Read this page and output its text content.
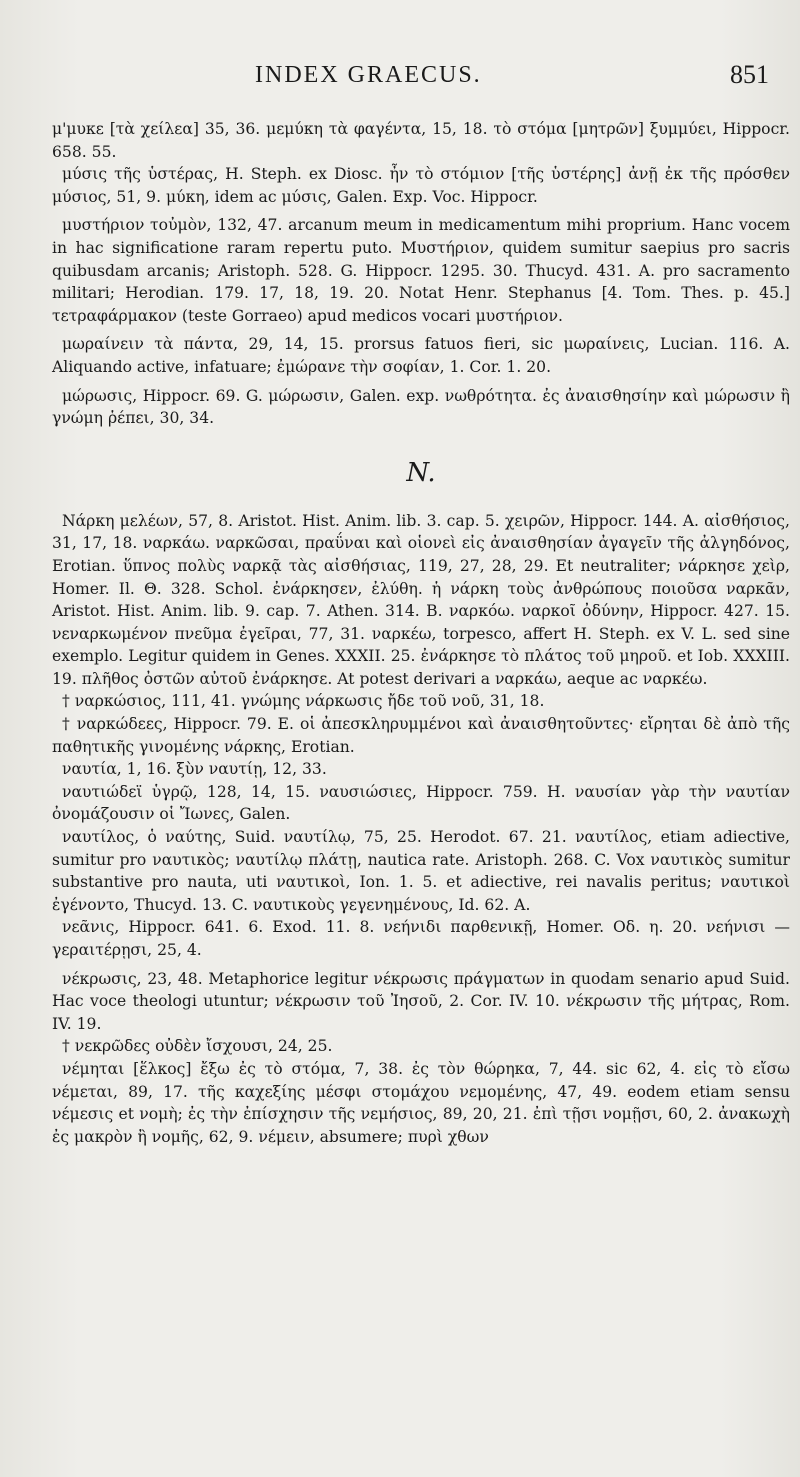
INDEX GRAECUS.	851

μ'μυκε [τὰ χείλεα] 35, 36. μεμύκη τὰ φαγέντα, 15, 18. τὸ στόμα [μητρῶν] ξυμμύει, Hippocr. 658. 55.

μύσις τῆς ὑστέρας, H. Steph. ex Diosc. ἦν τὸ στόμιον [τῆς ὑστέρης] ἀνῇ ἐκ τῆς πρόσθεν μύσιος, 51, 9. μύκη, idem ac μύσις, Galen. Exp. Voc. Hippocr.

μυστήριον τοὐμὸν, 132, 47. arcanum meum in medicamentum mihi proprium. Hanc vocem in hac significatione raram repertu puto. Μυστήριον, quidem sumitur saepius pro sacris quibusdam arcanis; Aristoph. 528. G. Hippocr. 1295. 30. Thucyd. 431. A. pro sacramento militari; Herodian. 179. 17, 18, 19. 20. Notat Henr. Stephanus [4. Tom. Thes. p. 45.] τετραφάρμακον (teste Gorraeo) apud medicos vocari μυστήριον.

μωραίνειν τὰ πάντα, 29, 14, 15. prorsus fatuos fieri, sic μωραίνεις, Lucian. 116. A. Aliquando active, infatuare; ἐμώρανε τὴν σοφίαν, 1. Cor. 1. 20.

μώρωσις, Hippocr. 69. G. μώρωσιν, Galen. exp. νωθρότητα. ἐς ἀναισθησίην καὶ μώρωσιν ἢ γνώμη ῥέπει, 30, 34.

N.

Νάρκη μελέων, 57, 8. Aristot. Hist. Anim. lib. 3. cap. 5. χειρῶν, Hippocr. 144. A. αἰσθήσιος, 31, 17, 18. ναρκάω. ναρκῶσαι, πραΰναι καὶ οἱονεὶ εἰς ἀναισθησίαν ἀγαγεῖν τῆς ἀλγηδόνος, Erotian. ὕπνος πολὺς ναρκᾷ τὰς αἰσθήσιας, 119, 27, 28, 29. Et neutraliter; νάρκησε χεὶρ, Homer. Il. Θ. 328. Schol. ἐνάρκησεν, ἐλύθη. ἡ νάρκη τοὺς ἀνθρώπους ποιοῦσα ναρκᾶν, Aristot. Hist. Anim. lib. 9. cap. 7. Athen. 314. B. ναρκόω. ναρκοῖ ὀδύνην, Hippocr. 427. 15. νεναρκωμένον πνεῦμα ἐγεῖραι, 77, 31. ναρκέω, torpesco, affert H. Steph. ex V. L. sed sine exemplo. Legitur quidem in Genes. XXXII. 25. ἐνάρκησε τὸ πλάτος τοῦ μηροῦ. et Iob. XXXIII. 19. πλῆθος ὀστῶν αὐτοῦ ἐνάρκησε. At potest derivari a ναρκάω, aeque ac ναρκέω.

† ναρκώσιος, 111, 41. γνώμης νάρκωσις ἤδε τοῦ νοῦ, 31, 18.

† ναρκώδεες, Hippocr. 79. E. οἱ ἀπεσκληρυμμένοι καὶ ἀναισθητοῦντες· εἴρηται δὲ ἀπὸ τῆς παθητικῆς γινομένης νάρκης, Erotian.

ναυτία, 1, 16. ξὺν ναυτίῃ, 12, 33.

ναυτιώδεϊ ὑγρῷ, 128, 14, 15. ναυσιώσιες, Hippocr. 759. H. ναυσίαν γὰρ τὴν ναυτίαν ὀνομάζουσιν οἱ Ἴωνες, Galen.

ναυτίλος, ὁ ναύτης, Suid. ναυτίλῳ, 75, 25. Herodot. 67. 21. ναυτίλος, etiam adiective, sumitur pro ναυτικὸς; ναυτίλῳ πλάτῃ, nautica rate. Aristoph. 268. C. Vox ναυτικὸς sumitur substantive pro nauta, uti ναυτικοὶ, Ion. 1. 5. et adiective, rei navalis peritus; ναυτικοὶ ἐγένοντο, Thucyd. 13. C. ναυτικοὺς γεγενημένους, Id. 62. A.

νεᾶνις, Hippocr. 641. 6. Exod. 11. 8. νεήνιδι παρθενικῇ, Homer. Οδ. η. 20. νεήνισι — γεραιτέρῃσι, 25, 4.

νέκρωσις, 23, 48. Metaphorice legitur νέκρωσις πράγματων in quodam senario apud Suid. Hac voce theologi utuntur; νέκρωσιν τοῦ Ἰησοῦ, 2. Cor. IV. 10. νέκρωσιν τῆς μήτρας, Rom. IV. 19.

† νεκρῶδες οὐδὲν ἴσχουσι, 24, 25.

νέμηται [ἕλκος] ἔξω ἐς τὸ στόμα, 7, 38. ἐς τὸν θώρηκα, 7, 44. sic 62, 4. εἰς τὸ εἴσω νέμεται, 89, 17. τῆς καχεξίης μέσφι στομάχου νεμομένης, 47, 49. eodem etiam sensu νέμεσις et νομὴ; ἐς τὴν ἐπίσχησιν τῆς νεμήσιος, 89, 20, 21. ἐπὶ τῇσι νομῇσι, 60, 2. ἀνακωχὴ ἐς μακρὸν ἢ νομῆς, 62, 9. νέμειν, absumere; πυρὶ χθων
